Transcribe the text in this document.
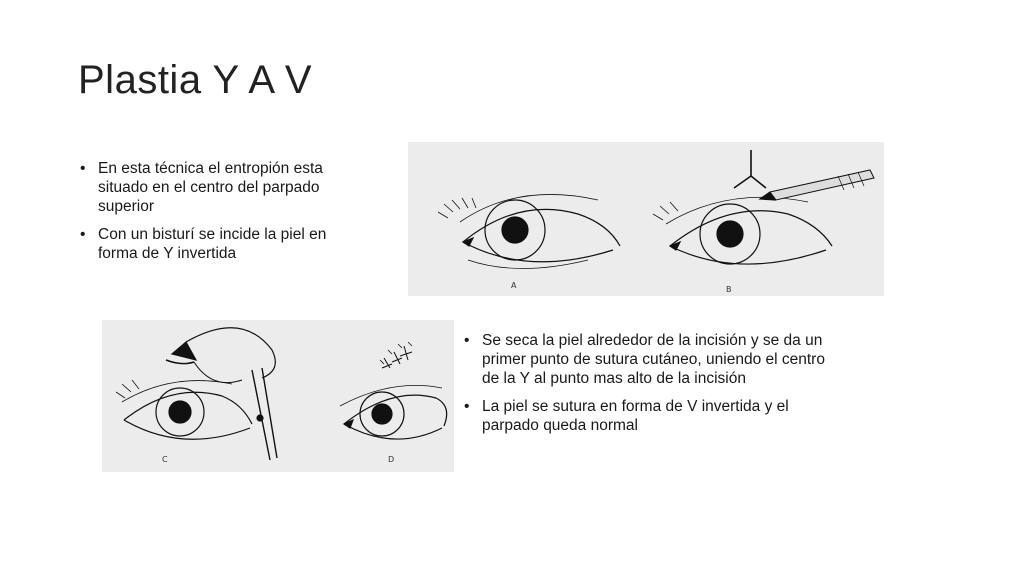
Plastia Y A V
• En esta técnica el entropión esta situado en el centro del parpado superior
• Con un bisturí se incide la piel en forma de Y invertida
A	B
C	D
• Se seca la piel alrededor de la incisión y se da un primer punto de sutura cutáneo, uniendo el centro de la Y al punto mas alto de la incisión
• La piel se sutura en forma de V invertida y el parpado queda normal
